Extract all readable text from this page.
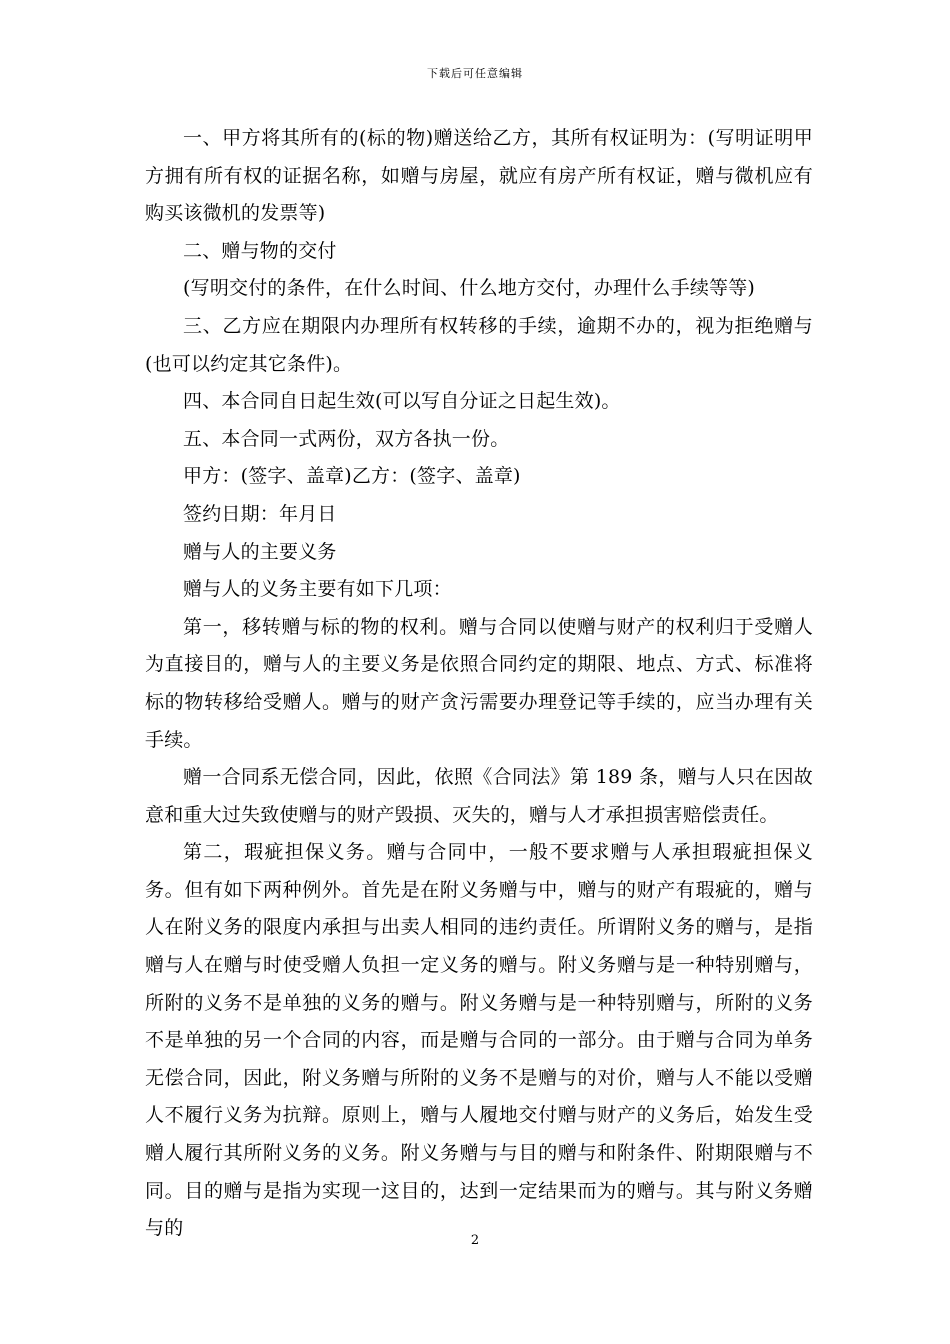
下载后可任意编辑

一、甲方将其所有的(标的物)赠送给乙方，其所有权证明为：(写明证明甲方拥有所有权的证据名称，如赠与房屋，就应有房产所有权证，赠与微机应有购买该微机的发票等)

二、赠与物的交付

(写明交付的条件，在什么时间、什么地方交付，办理什么手续等等)

三、乙方应在期限内办理所有权转移的手续，逾期不办的，视为拒绝赠与(也可以约定其它条件)。

四、本合同自日起生效(可以写自分证之日起生效)。

五、本合同一式两份，双方各执一份。

甲方：(签字、盖章)乙方：(签字、盖章)

签约日期：年月日

赠与人的主要义务

赠与人的义务主要有如下几项：

第一，移转赠与标的物的权利。赠与合同以使赠与财产的权利归于受赠人为直接目的，赠与人的主要义务是依照合同约定的期限、地点、方式、标准将标的物转移给受赠人。赠与的财产贪污需要办理登记等手续的，应当办理有关手续。

赠一合同系无偿合同，因此，依照《合同法》第 189 条，赠与人只在因故意和重大过失致使赠与的财产毁损、灭失的，赠与人才承担损害赔偿责任。

第二，瑕疵担保义务。赠与合同中，一般不要求赠与人承担瑕疵担保义务。但有如下两种例外。首先是在附义务赠与中，赠与的财产有瑕疵的，赠与人在附义务的限度内承担与出卖人相同的违约责任。所谓附义务的赠与，是指赠与人在赠与时使受赠人负担一定义务的赠与。附义务赠与是一种特别赠与，所附的义务不是单独的义务的赠与。附义务赠与是一种特别赠与，所附的义务不是单独的另一个合同的内容，而是赠与合同的一部分。由于赠与合同为单务无偿合同，因此，附义务赠与所附的义务不是赠与的对价，赠与人不能以受赠人不履行义务为抗辩。原则上，赠与人履地交付赠与财产的义务后，始发生受赠人履行其所附义务的义务。附义务赠与与目的赠与和附条件、附期限赠与不同。目的赠与是指为实现一这目的，达到一定结果而为的赠与。其与附义务赠与的

2
